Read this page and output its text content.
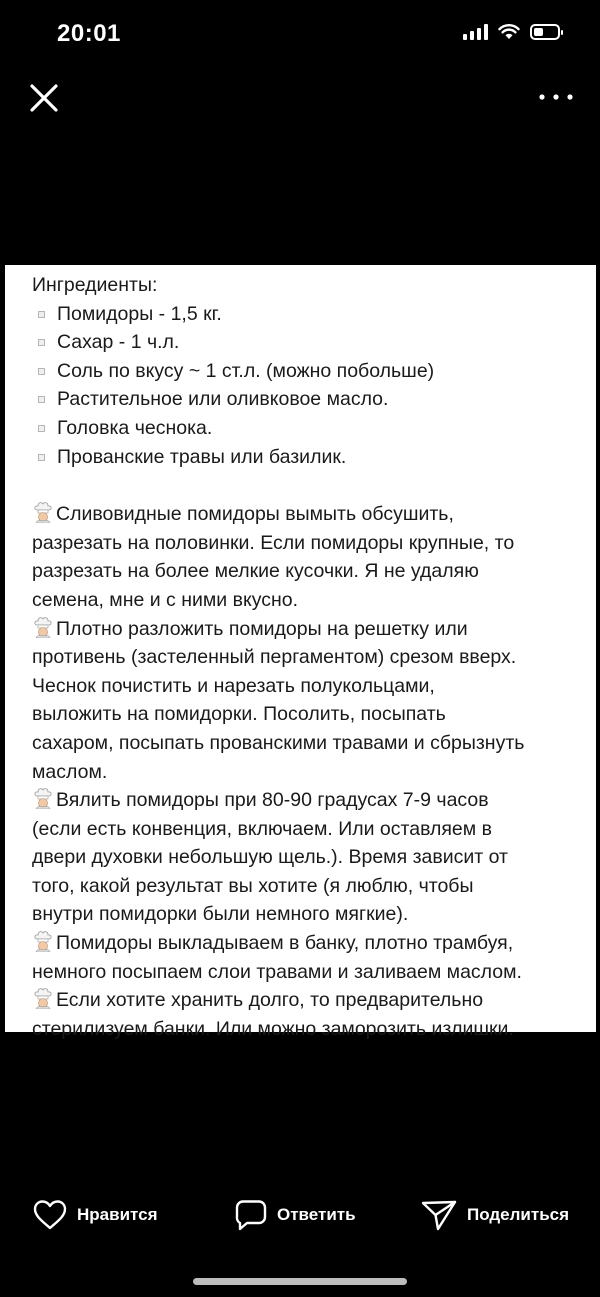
20:01

Ингредиенты:

Помидоры - 1,5 кг.
Сахар - 1 ч.л.
Соль по вкусу ~ 1 ст.л. (можно побольше)
Растительное или оливковое масло.
Головка чеснока.
Прованские травы или базилик.
Сливовидные помидоры вымыть обсушить,
разрезать на половинки. Если помидоры крупные, то
разрезать на более мелкие кусочки. Я не удаляю
семена, мне и с ними вкусно.
Плотно разложить помидоры на решетку или
противень (застеленный пергаментом) срезом вверх.
Чеснок почистить и нарезать полукольцами,
выложить на помидорки. Посолить, посыпать
сахаром, посыпать прованскими травами и сбрызнуть
маслом.
Вялить помидоры при 80-90 градусах 7-9 часов
(если есть конвенция, включаем. Или оставляем в
двери духовки небольшую щель.). Время зависит от
того, какой результат вы хотите (я люблю, чтобы
внутри помидорки были немного мягкие).
Помидоры выкладываем в банку, плотно трамбуя,
немного посыпаем слои травами и заливаем маслом.
Если хотите хранить долго, то предварительно
стерилизуем банки. Или можно заморозить излишки.
Нравится	Ответить	Поделиться
